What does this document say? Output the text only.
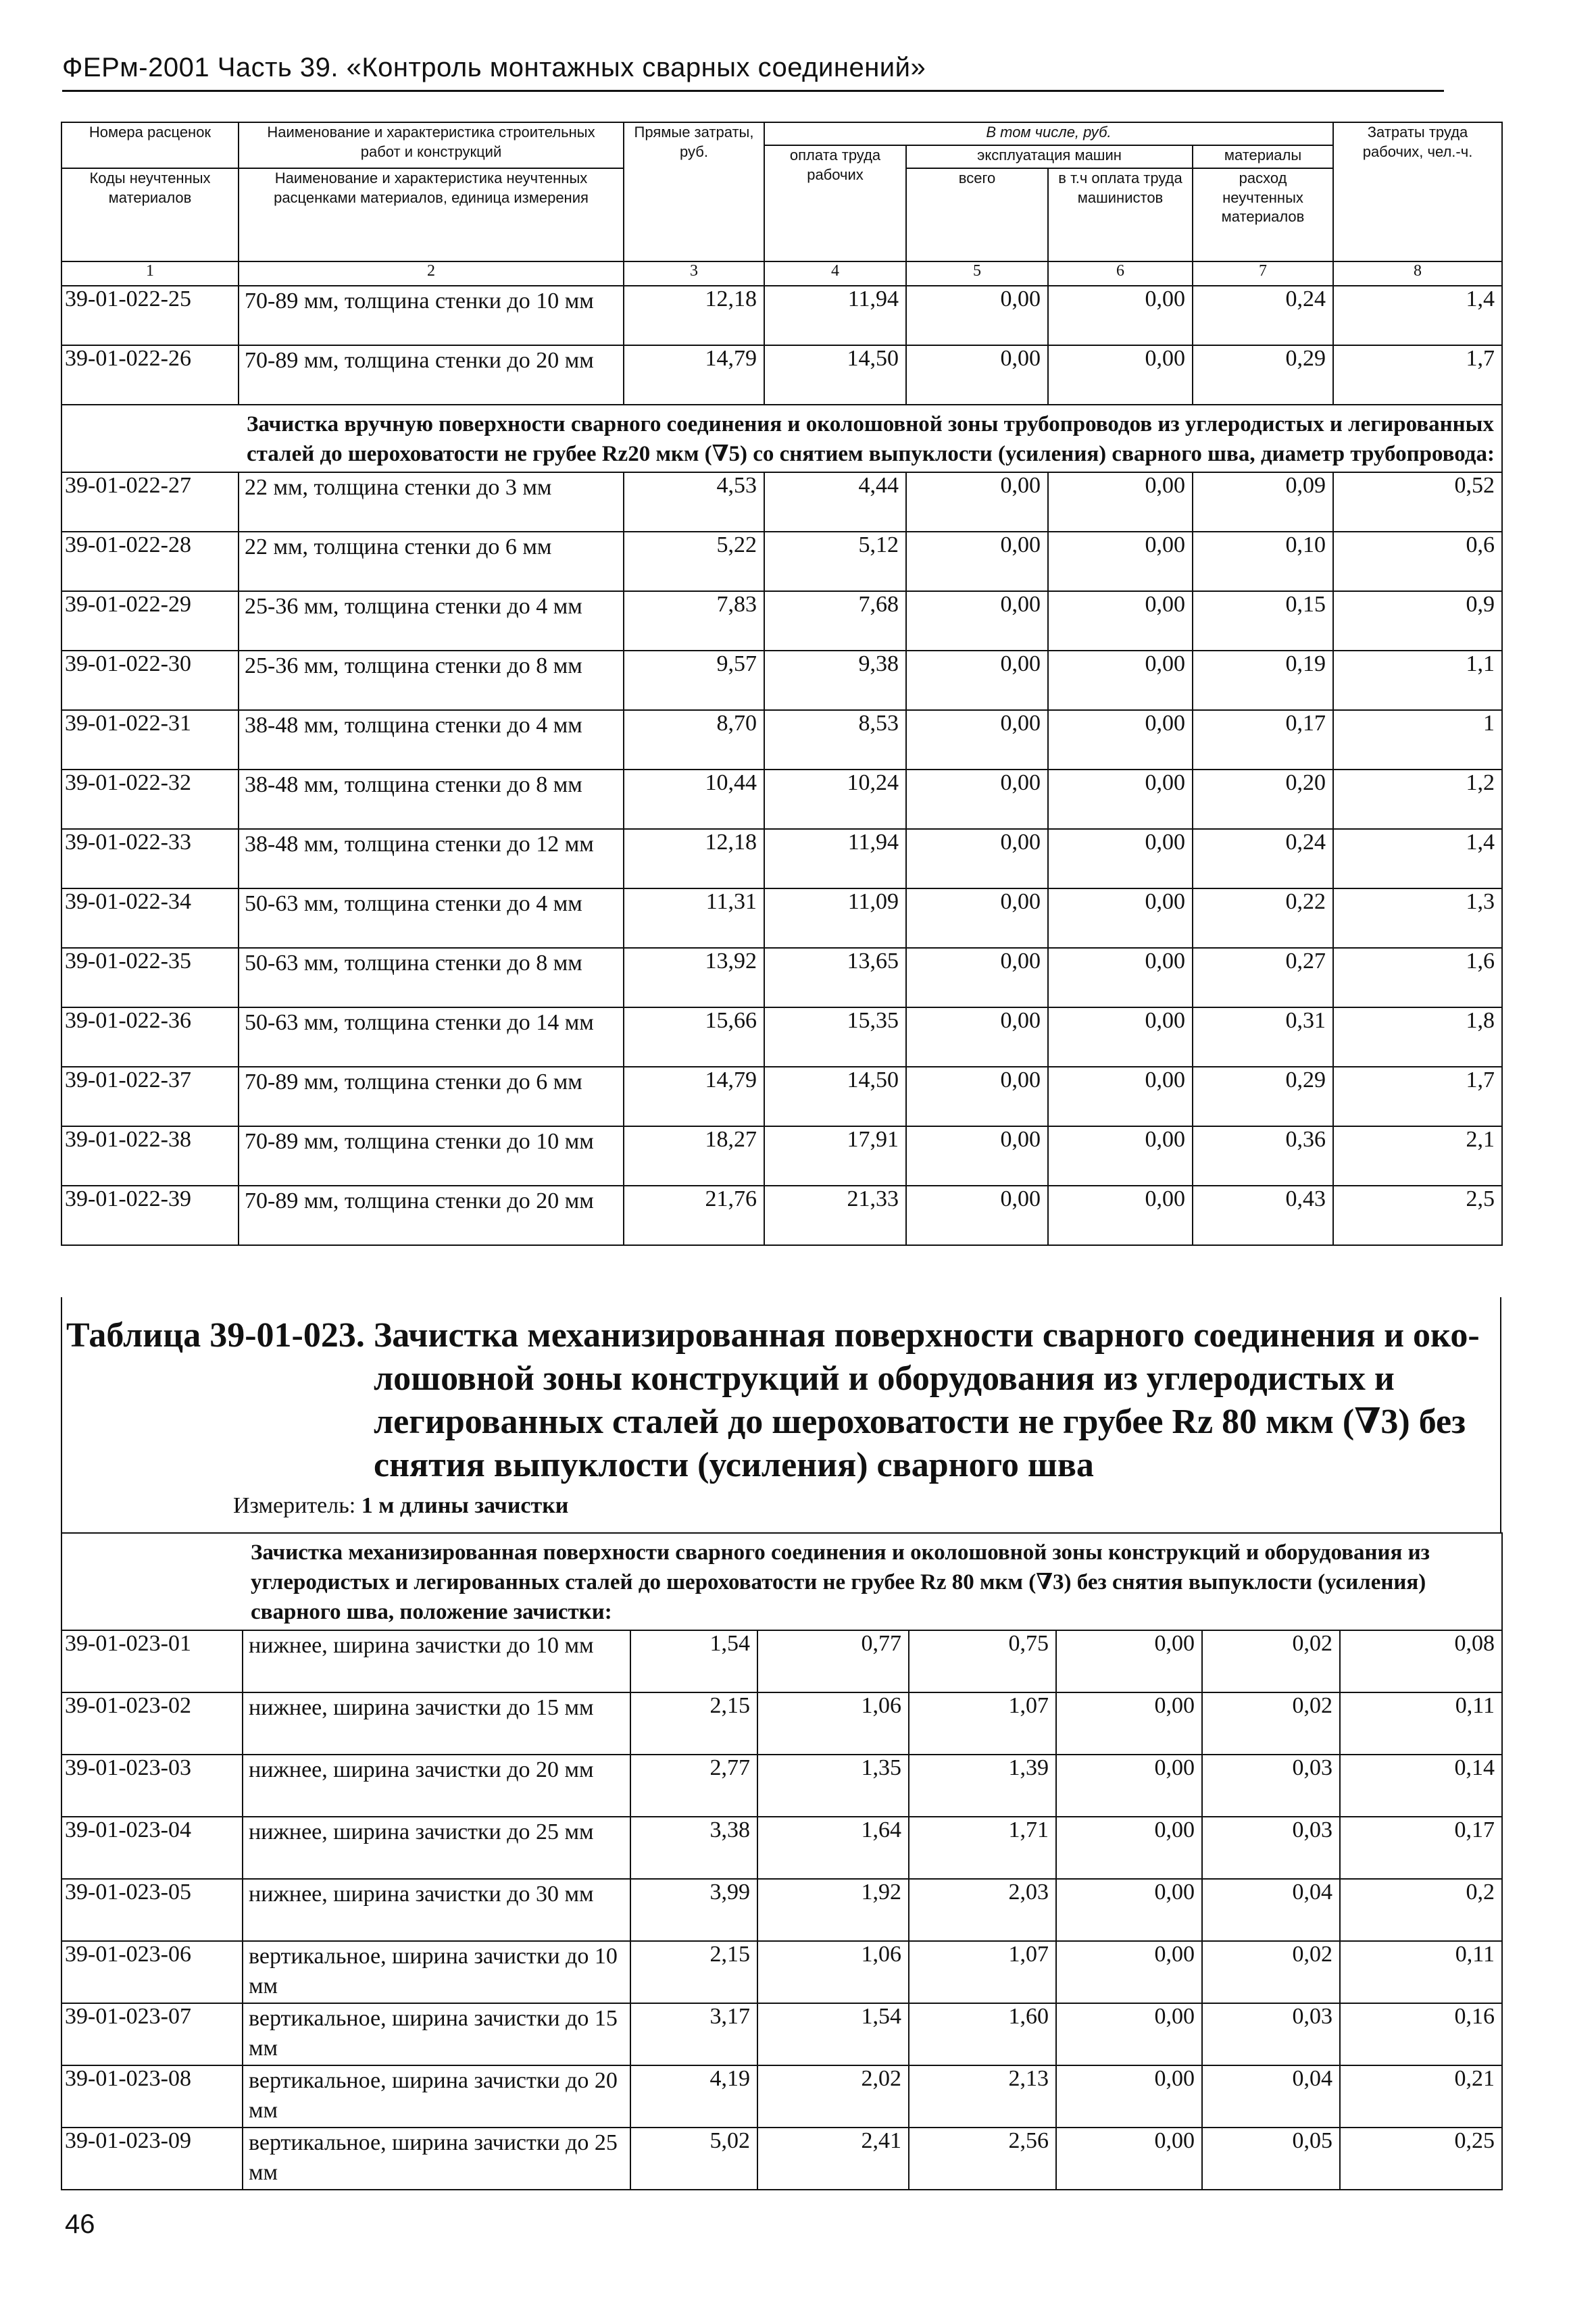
ФЕРм-2001 Часть 39. «Контроль монтажных сварных соединений»
Номера расценок	Наименование и характеристика строительных работ и конструкций	Прямые затраты, руб.	В том числе, руб.				Затраты труда рабочих, чел.-ч.
			оплата труда рабочих	эксплуатация машин		материалы	
Коды неучтенных материалов	Наименование и характеристика неучтенных расценками материалов, единица измерения			всего	в т.ч оплата труда машинистов	расход неучтенных материалов	

1	2	3	4	5	6	7	8
39-01-022-25	70-89 мм, толщина стенки до 10 мм	12,18	11,94	0,00	0,00	0,24	1,4
39-01-022-26	70-89 мм, толщина стенки до 20 мм	14,79	14,50	0,00	0,00	0,29	1,7
	Зачистка вручную поверхности сварного соединения и околошовной зоны трубопроводов из углеродистых и легированных сталей до шероховатости не грубее Rz20 мкм (∇5) со снятием выпуклости (усиления) сварного шва, диаметр трубопровода:						
39-01-022-27	22 мм, толщина стенки до 3 мм	4,53	4,44	0,00	0,00	0,09	0,52
39-01-022-28	22 мм, толщина стенки до 6 мм	5,22	5,12	0,00	0,00	0,10	0,6
39-01-022-29	25-36 мм, толщина стенки до 4 мм	7,83	7,68	0,00	0,00	0,15	0,9
39-01-022-30	25-36 мм, толщина стенки до 8 мм	9,57	9,38	0,00	0,00	0,19	1,1
39-01-022-31	38-48 мм, толщина стенки до 4 мм	8,70	8,53	0,00	0,00	0,17	1
39-01-022-32	38-48 мм, толщина стенки до 8 мм	10,44	10,24	0,00	0,00	0,20	1,2
39-01-022-33	38-48 мм, толщина стенки до 12 мм	12,18	11,94	0,00	0,00	0,24	1,4
39-01-022-34	50-63 мм, толщина стенки до 4 мм	11,31	11,09	0,00	0,00	0,22	1,3
39-01-022-35	50-63 мм, толщина стенки до 8 мм	13,92	13,65	0,00	0,00	0,27	1,6
39-01-022-36	50-63 мм, толщина стенки до 14 мм	15,66	15,35	0,00	0,00	0,31	1,8
39-01-022-37	70-89 мм, толщина стенки до 6 мм	14,79	14,50	0,00	0,00	0,29	1,7
39-01-022-38	70-89 мм, толщина стенки до 10 мм	18,27	17,91	0,00	0,00	0,36	2,1
39-01-022-39	70-89 мм, толщина стенки до 20 мм	21,76	21,33	0,00	0,00	0,43	2,5
Таблица 39-01-023. Зачистка механизированная поверхности сварного соединения и око-
лошовной зоны конструкций и оборудования из углеродистых и легированных сталей до шероховатости не грубее Rz 80 мкм (∇3) без снятия выпуклости (усиления) сварного шва
Измеритель: 1 м длины зачистки
	Зачистка механизированная поверхности сварного соединения и околошовной зоны конструкций и оборудования из углеродистых и легированных сталей до шероховатости не грубее Rz 80 мкм (∇3) без снятия выпуклости (усиления) сварного шва, положение зачистки:						
39-01-023-01	нижнее, ширина зачистки до 10 мм	1,54	0,77	0,75	0,00	0,02	0,08
39-01-023-02	нижнее, ширина зачистки до 15 мм	2,15	1,06	1,07	0,00	0,02	0,11
39-01-023-03	нижнее, ширина зачистки до 20 мм	2,77	1,35	1,39	0,00	0,03	0,14
39-01-023-04	нижнее, ширина зачистки до 25 мм	3,38	1,64	1,71	0,00	0,03	0,17
39-01-023-05	нижнее, ширина зачистки до 30 мм	3,99	1,92	2,03	0,00	0,04	0,2
39-01-023-06	вертикальное, ширина зачистки до 10 мм	2,15	1,06	1,07	0,00	0,02	0,11
39-01-023-07	вертикальное, ширина зачистки до 15 мм	3,17	1,54	1,60	0,00	0,03	0,16
39-01-023-08	вертикальное, ширина зачистки до 20 мм	4,19	2,02	2,13	0,00	0,04	0,21
39-01-023-09	вертикальное, ширина зачистки до 25 мм	5,02	2,41	2,56	0,00	0,05	0,25
46
